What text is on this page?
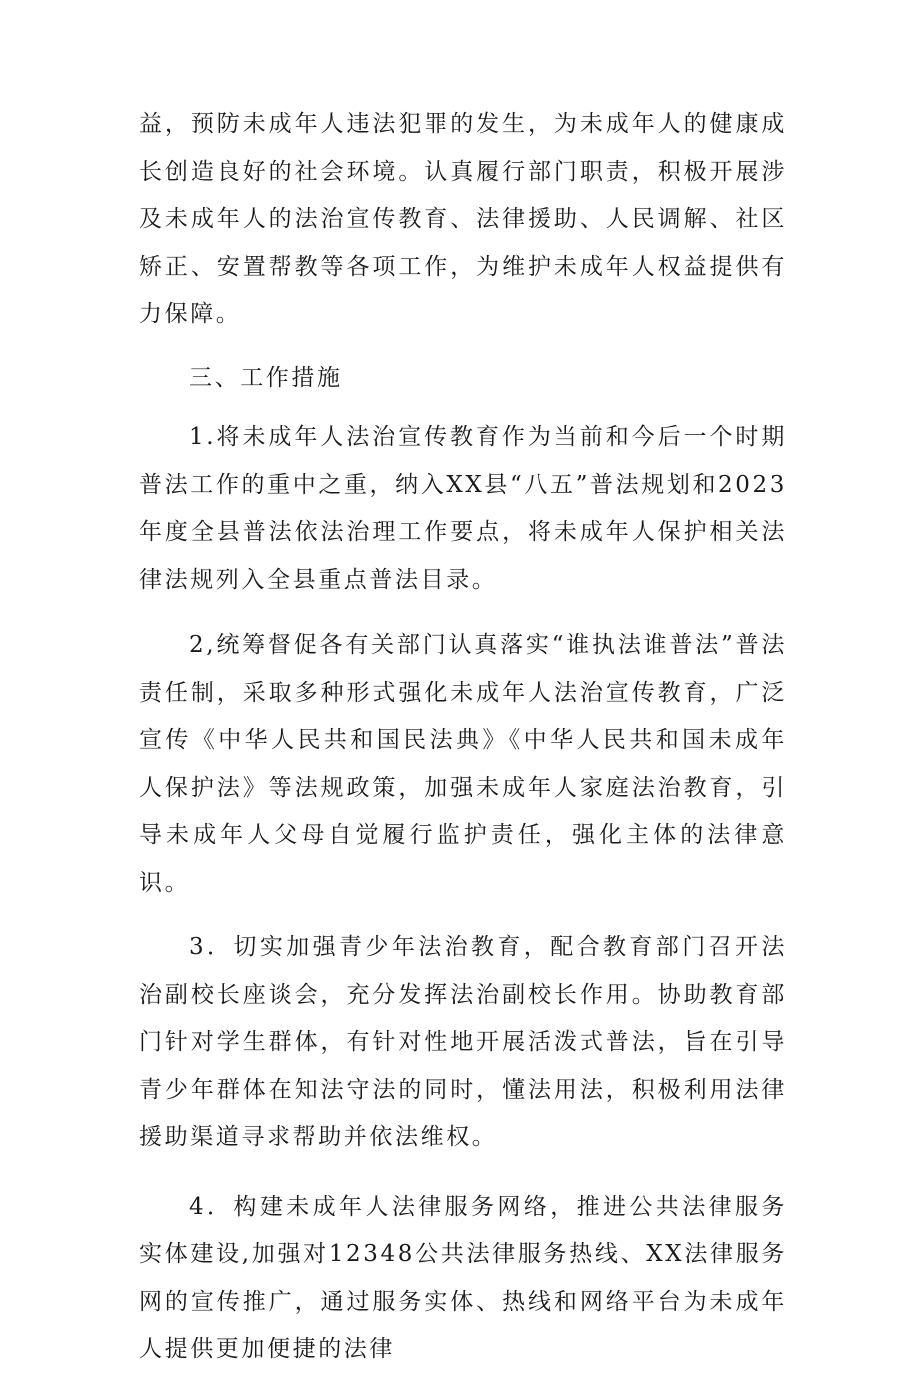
益，预防未成年人违法犯罪的发生，为未成年人的健康成长创造良好的社会环境。认真履行部门职责，积极开展涉及未成年人的法治宣传教育、法律援助、人民调解、社区矫正、安置帮教等各项工作，为维护未成年人权益提供有力保障。

三、工作措施

1.将未成年人法治宣传教育作为当前和今后一个时期普法工作的重中之重，纳入XX县“八五”普法规划和2023年度全县普法依法治理工作要点，将未成年人保护相关法律法规列入全县重点普法目录。

2,统筹督促各有关部门认真落实“谁执法谁普法”普法责任制，采取多种形式强化未成年人法治宣传教育，广泛宣传《中华人民共和国民法典》《中华人民共和国未成年人保护法》等法规政策，加强未成年人家庭法治教育，引导未成年人父母自觉履行监护责任，强化主体的法律意识。

3．切实加强青少年法治教育，配合教育部门召开法治副校长座谈会，充分发挥法治副校长作用。协助教育部门针对学生群体，有针对性地开展活泼式普法，旨在引导青少年群体在知法守法的同时，懂法用法，积极利用法律援助渠道寻求帮助并依法维权。

4．构建未成年人法律服务网络，推进公共法律服务实体建设,加强对12348公共法律服务热线、XX法律服务网的宣传推广，通过服务实体、热线和网络平台为未成年人提供更加便捷的法律
